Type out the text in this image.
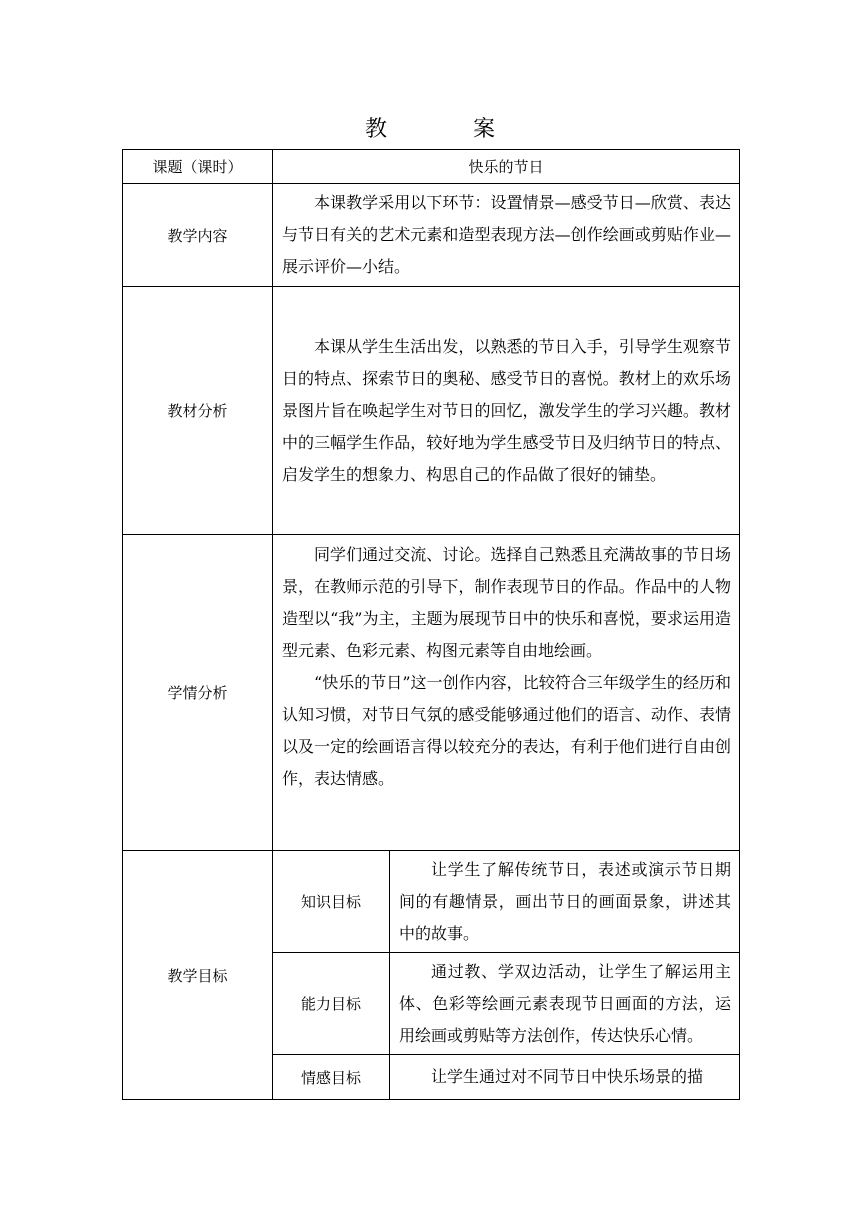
教	案
课题（课时）	快乐的节日	
教学内容	本课教学采用以下环节：设置情景—感受节日—欣赏、表达与节日有关的艺术元素和造型表现方法—创作绘画或剪贴作业—展示评价—小结。	

教材分析	本课从学生生活出发，以熟悉的节日入手，引导学生观察节日的特点、探索节日的奥秘、感受节日的喜悦。教材上的欢乐场景图片旨在唤起学生对节日的回忆，激发学生的学习兴趣。教材中的三幅学生作品，较好地为学生感受节日及归纳节日的特点、启发学生的想象力、构思自己的作品做了很好的铺垫。	

学情分析	同学们通过交流、讨论。选择自己熟悉且充满故事的节日场景，在教师示范的引导下，制作表现节日的作品。作品中的人物造型以“我”为主，主题为展现节日中的快乐和喜悦，要求运用造型元素、色彩元素、构图元素等自由地绘画。

“快乐的节日”这一创作内容，比较符合三年级学生的经历和认知习惯，对节日气氛的感受能够通过他们的语言、动作、表情以及一定的绘画语言得以较充分的表达，有利于他们进行自由创作，表达情感。	

教学目标	知识目标	让学生了解传统节日，表述或演示节日期间的有趣情景，画出节日的画面景象，讲述其中的故事。

	能力目标	通过教、学双边活动，让学生了解运用主体、色彩等绘画元素表现节日画面的方法，运用绘画或剪贴等方法创作，传达快乐心情。

	情感目标	让学生通过对不同节日中快乐场景的描
